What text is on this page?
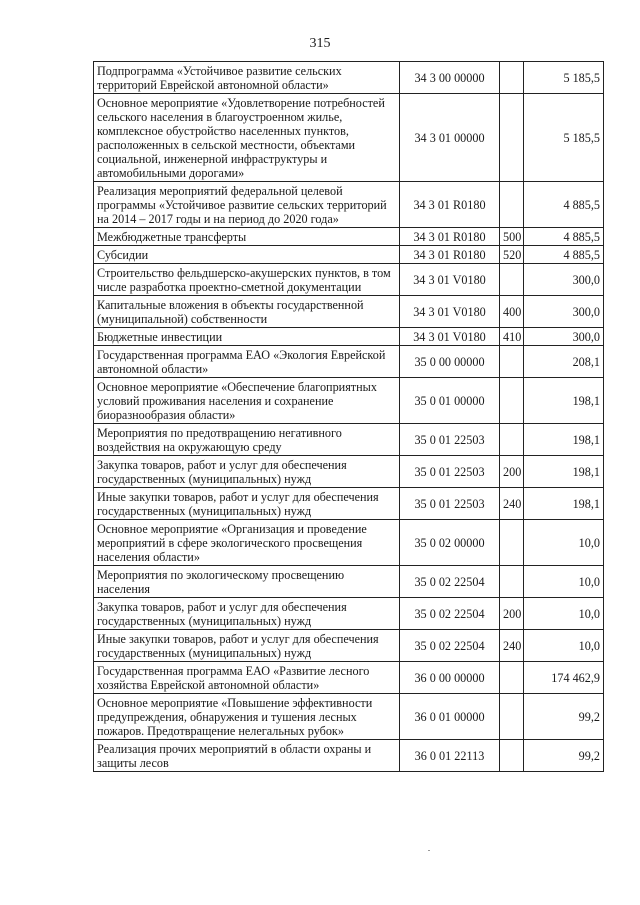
315
Подпрограмма «Устойчивое развитие сельских территорий Еврейской автономной области»	34 3 00 00000		5 185,5
Основное мероприятие «Удовлетворение потребностей сельского населения в благоустроенном жилье, комплексное обустройство населенных пунктов, расположенных в сельской местности, объектами социальной, инженерной инфраструктуры и автомобильными дорогами»	34 3 01 00000		5 185,5
Реализация мероприятий федеральной целевой программы «Устойчивое развитие сельских территорий на 2014 – 2017 годы и на период до 2020 года»	34 3 01 R0180		4 885,5
Межбюджетные трансферты	34 3 01 R0180	500	4 885,5
Субсидии	34 3 01 R0180	520	4 885,5
Строительство фельдшерско-акушерских пунктов, в том числе разработка проектно-сметной документации	34 3 01 V0180		300,0
Капитальные вложения в объекты государственной (муниципальной) собственности	34 3 01 V0180	400	300,0
Бюджетные инвестиции	34 3 01 V0180	410	300,0
Государственная программа ЕАО «Экология Еврейской автономной области»	35 0 00 00000		208,1
Основное мероприятие «Обеспечение благоприятных условий проживания населения и сохранение биоразнообразия области»	35 0 01 00000		198,1
Мероприятия по предотвращению негативного воздействия на окружающую среду	35 0 01 22503		198,1
Закупка товаров, работ и услуг для обеспечения государственных (муниципальных) нужд	35 0 01 22503	200	198,1
Иные закупки товаров, работ и услуг для обеспечения государственных (муниципальных) нужд	35 0 01 22503	240	198,1
Основное мероприятие «Организация и проведение мероприятий в сфере экологического просвещения населения области»	35 0 02 00000		10,0
Мероприятия по экологическому просвещению населения	35 0 02 22504		10,0
Закупка товаров, работ и услуг для обеспечения государственных (муниципальных) нужд	35 0 02 22504	200	10,0
Иные закупки товаров, работ и услуг для обеспечения государственных (муниципальных) нужд	35 0 02 22504	240	10,0
Государственная программа ЕАО «Развитие лесного хозяйства Еврейской автономной области»	36 0 00 00000		174 462,9
Основное мероприятие «Повышение эффективности предупреждения, обнаружения и тушения лесных пожаров. Предотвращение нелегальных рубок»	36 0 01 00000		99,2
Реализация прочих мероприятий в области охраны и защиты лесов	36 0 01 22113		99,2
